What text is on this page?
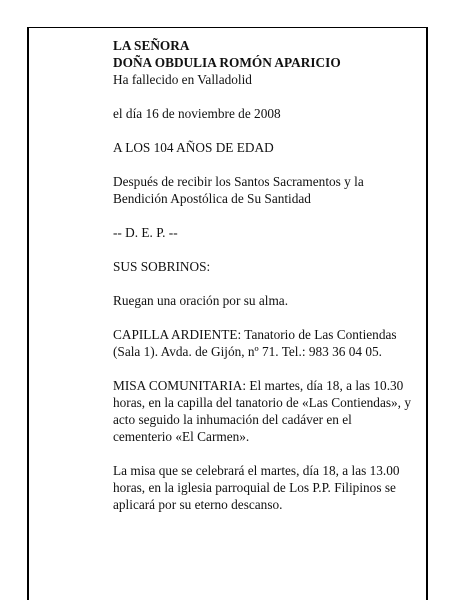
LA SEÑORA
DOÑA OBDULIA ROMÓN APARICIO
Ha fallecido en Valladolid
el día 16 de noviembre de 2008
A LOS 104 AÑOS DE EDAD
Después de recibir los Santos Sacramentos y la
Bendición Apostólica de Su Santidad
-- D. E. P. --
SUS SOBRINOS:
Ruegan una oración por su alma.
CAPILLA ARDIENTE: Tanatorio de Las Contiendas
(Sala 1). Avda. de Gijón, nº 71. Tel.: 983 36 04 05.
MISA COMUNITARIA: El martes, día 18, a las 10.30
horas, en la capilla del tanatorio de «Las Contiendas», y
acto seguido la inhumación del cadáver en el
cementerio «El Carmen».
La misa que se celebrará el martes, día 18, a las 13.00
horas, en la iglesia parroquial de Los P.P. Filipinos se
aplicará por su eterno descanso.
